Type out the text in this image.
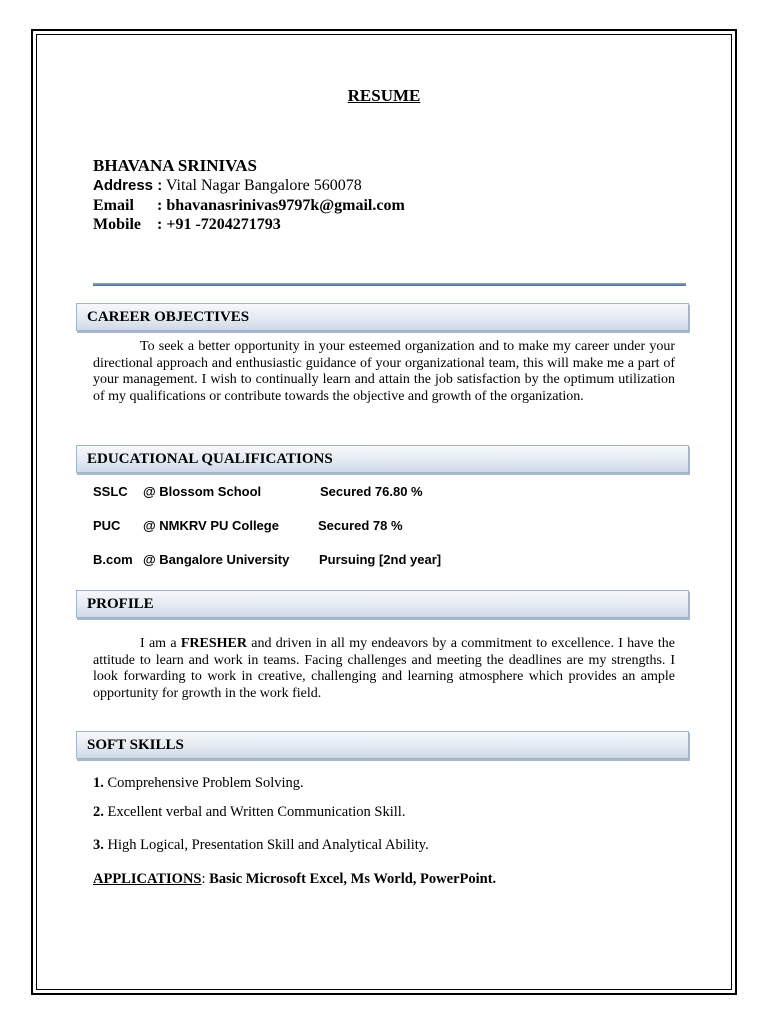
RESUME
BHAVANA SRINIVAS
Address : Vital Nagar Bangalore 560078
Email : bhavanasrinivas9797k@gmail.com
Mobile : +91 -7204271793
CAREER OBJECTIVES
To seek a better opportunity in your esteemed organization and to make my career under your directional approach and enthusiastic guidance of your organizational team, this will make me a part of your management. I wish to continually learn and attain the job satisfaction by the optimum utilization of my qualifications or contribute towards the objective and growth of the organization.
EDUCATIONAL QUALIFICATIONS
SSLC @ Blossom School	Secured 76.80 %
PUC @ NMKRV PU College	Secured 78 %
B.com @ Bangalore University Pursuing [2nd year]
PROFILE
I am a FRESHER and driven in all my endeavors by a commitment to excellence. I have the attitude to learn and work in teams. Facing challenges and meeting the deadlines are my strengths. I look forwarding to work in creative, challenging and learning atmosphere which provides an ample opportunity for growth in the work field.
SOFT SKILLS
1. Comprehensive Problem Solving.
2. Excellent verbal and Written Communication Skill.
3. High Logical, Presentation Skill and Analytical Ability.
APPLICATIONS: Basic Microsoft Excel, Ms World, PowerPoint.
